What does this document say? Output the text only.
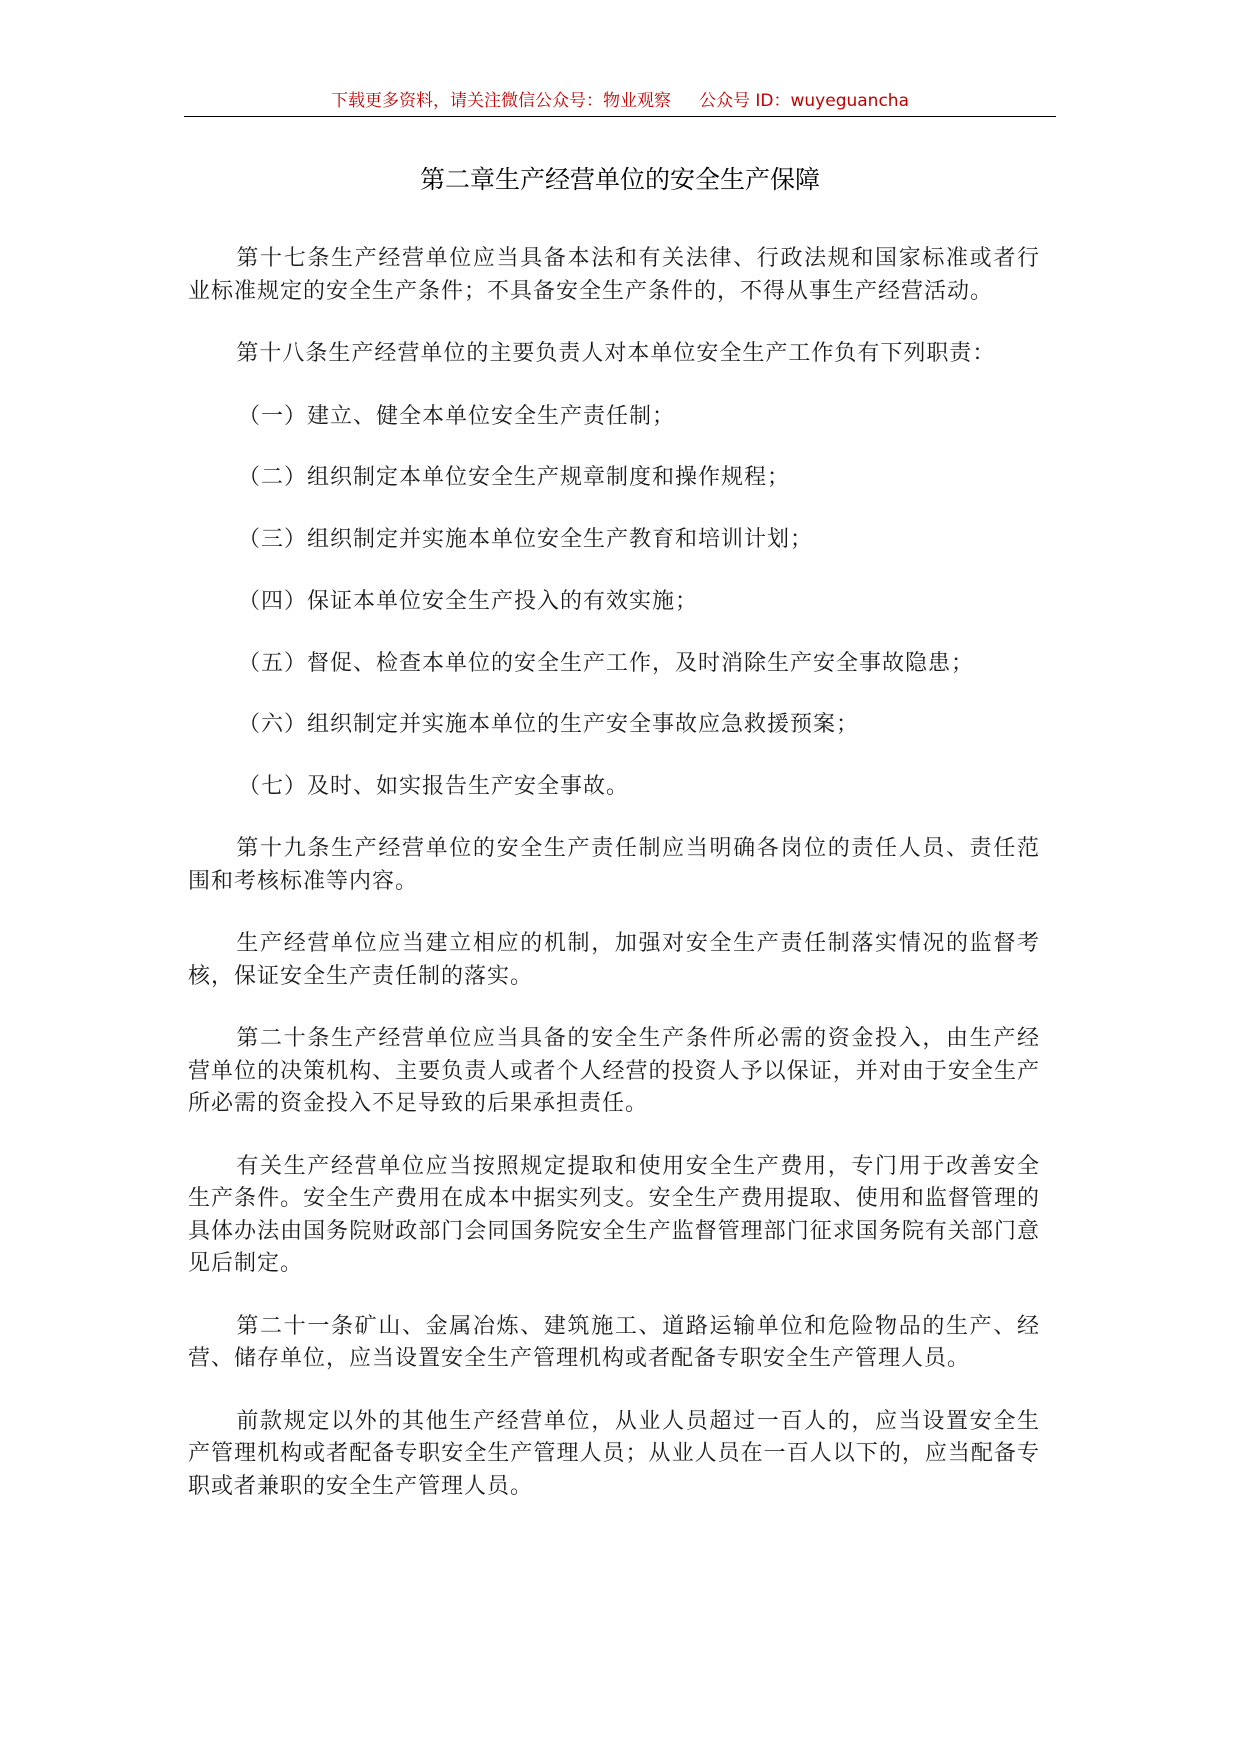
下载更多资料，请关注微信公众号：物业观察 公众号 ID：wuyeguancha
第二章生产经营单位的安全生产保障

第十七条生产经营单位应当具备本法和有关法律、行政法规和国家标准或者行业标准规定的安全生产条件；不具备安全生产条件的，不得从事生产经营活动。

第十八条生产经营单位的主要负责人对本单位安全生产工作负有下列职责：

（一）建立、健全本单位安全生产责任制；

（二）组织制定本单位安全生产规章制度和操作规程；

（三）组织制定并实施本单位安全生产教育和培训计划；

（四）保证本单位安全生产投入的有效实施；

（五）督促、检查本单位的安全生产工作，及时消除生产安全事故隐患；

（六）组织制定并实施本单位的生产安全事故应急救援预案；

（七）及时、如实报告生产安全事故。

第十九条生产经营单位的安全生产责任制应当明确各岗位的责任人员、责任范围和考核标准等内容。

生产经营单位应当建立相应的机制，加强对安全生产责任制落实情况的监督考核，保证安全生产责任制的落实。

第二十条生产经营单位应当具备的安全生产条件所必需的资金投入，由生产经营单位的决策机构、主要负责人或者个人经营的投资人予以保证，并对由于安全生产所必需的资金投入不足导致的后果承担责任。

有关生产经营单位应当按照规定提取和使用安全生产费用，专门用于改善安全生产条件。安全生产费用在成本中据实列支。安全生产费用提取、使用和监督管理的具体办法由国务院财政部门会同国务院安全生产监督管理部门征求国务院有关部门意见后制定。

第二十一条矿山、金属冶炼、建筑施工、道路运输单位和危险物品的生产、经营、储存单位，应当设置安全生产管理机构或者配备专职安全生产管理人员。

前款规定以外的其他生产经营单位，从业人员超过一百人的，应当设置安全生产管理机构或者配备专职安全生产管理人员；从业人员在一百人以下的，应当配备专职或者兼职的安全生产管理人员。
